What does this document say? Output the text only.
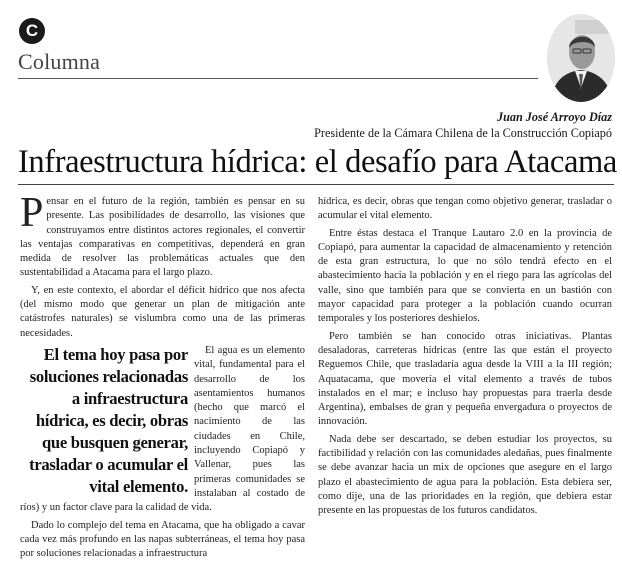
C
Columna
Juan José Arroyo Díaz
Presidente de la Cámara Chilena de la Construcción Copiapó
Infraestructura hídrica: el desafío para Atacama

Pensar en el futuro de la región, también es pensar en su presente. Las posibilidades de desarrollo, las visiones que construyamos entre distintos actores regionales, el convertir las ventajas comparativas en competitivas, dependerá en gran medida de resolver las problemáticas actuales que den sustentabilidad a Atacama para el largo plazo.

Y, en este contexto, el abordar el déficit hídrico que nos afecta (del mismo modo que generar un plan de mitigación ante catástrofes naturales) se vislumbra como una de las primeras necesidades.

El tema hoy pasa por soluciones relacionadas a infraestructura hídrica, es decir, obras que busquen generar, trasladar o acumular el vital elemento.

El agua es un elemento vital, fundamental para el desarrollo de los asentamientos humanos (hecho que marcó el nacimiento de las ciudades en Chile, incluyendo Copiapó y Vallenar, pues las primeras comunidades se instalaban al costado de ríos) y un factor clave para la calidad de vida.

Dado lo complejo del tema en Atacama, que ha obligado a cavar cada vez más profundo en las napas subterráneas, el tema hoy pasa por soluciones relacionadas a infraestructura

hídrica, es decir, obras que tengan como objetivo generar, trasladar o acumular el vital elemento.

Entre éstas destaca el Tranque Lautaro 2.0 en la provincia de Copiapó, para aumentar la capacidad de almacenamiento y retención de esta gran estructura, lo que no sólo tendrá efecto en el abastecimiento hacia la población y en el riego para las agrícolas del valle, sino que también para que se convierta en un bastión con mayor capacidad para proteger a la población cuando ocurran temporales y los posteriores deshielos.

Pero también se han conocido otras iniciativas. Plantas desaladoras, carreteras hídricas (entre las que están el proyecto Reguemos Chile, que trasladaría agua desde la VIII a la III región; Aquatacama, que movería el vital elemento a través de tubos instalados en el mar; e incluso hay propuestas para traerla desde Argentina), embalses de gran y pequeña envergadura o proyectos de innovación.

Nada debe ser descartado, se deben estudiar los proyectos, su factibilidad y relación con las comunidades aledañas, pues finalmente se debe avanzar hacia un mix de opciones que asegure en el largo plazo el abastecimiento de agua para la población. Esta debiera ser, como dije, una de las prioridades en la región, que debiera estar presente en las propuestas de los futuros candidatos.
